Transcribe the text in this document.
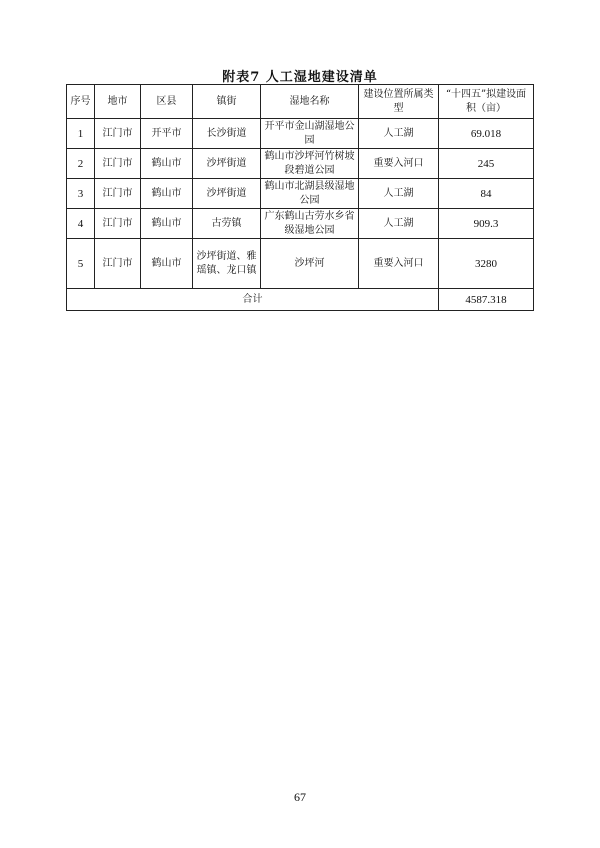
附表7 人工湿地建设清单
序号	地市	区县	镇街	湿地名称	建设位置所属类型	“十四五”拟建设面积（亩）
1	江门市	开平市	长沙街道	开平市金山湖湿地公园	人工湖	69.018
2	江门市	鹤山市	沙坪街道	鹤山市沙坪河竹树坡段碧道公园	重要入河口	245
3	江门市	鹤山市	沙坪街道	鹤山市北湖县级湿地公园	人工湖	84
4	江门市	鹤山市	古劳镇	广东鹤山古劳水乡省级湿地公园	人工湖	909.3
5	江门市	鹤山市	沙坪街道、雅瑶镇、龙口镇	沙坪河	重要入河口	3280
合计						4587.318
67
